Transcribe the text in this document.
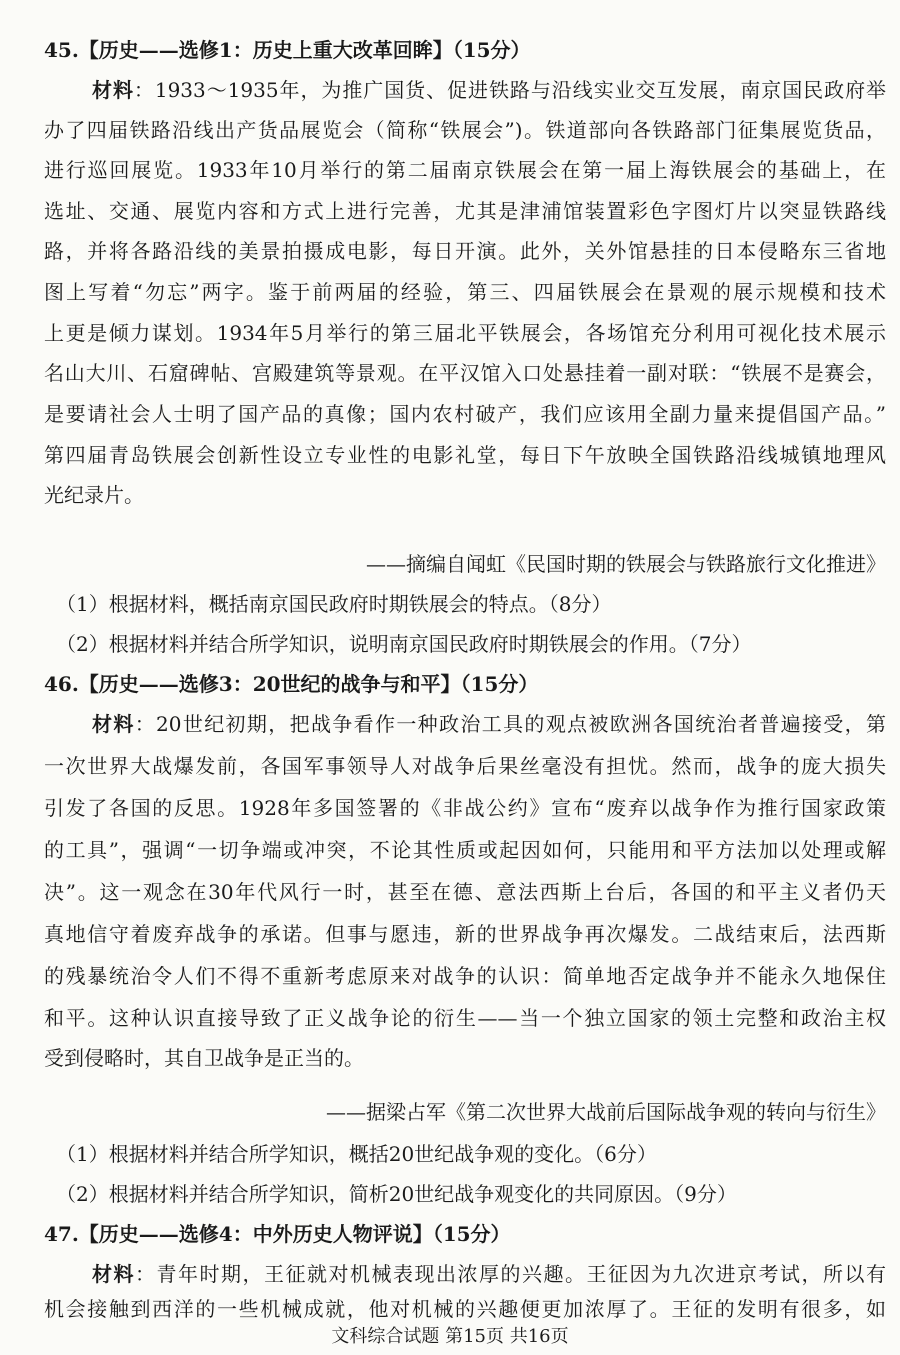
45.【历史——选修1：历史上重大改革回眸】（15分）
材料：1933～1935年，为推广国货、促进铁路与沿线实业交互发展，南京国民政府举
办了四届铁路沿线出产货品展览会（简称“铁展会”)。铁道部向各铁路部门征集展览货品，
进行巡回展览。1933年10月举行的第二届南京铁展会在第一届上海铁展会的基础上，在
选址、交通、展览内容和方式上进行完善，尤其是津浦馆装置彩色字图灯片以突显铁路线
路，并将各路沿线的美景拍摄成电影，每日开演。此外，关外馆悬挂的日本侵略东三省地
图上写着“勿忘”两字。鉴于前两届的经验，第三、四届铁展会在景观的展示规模和技术
上更是倾力谋划。1934年5月举行的第三届北平铁展会，各场馆充分利用可视化技术展示
名山大川、石窟碑帖、宫殿建筑等景观。在平汉馆入口处悬挂着一副对联：“铁展不是赛会，
是要请社会人士明了国产品的真像；国内农村破产，我们应该用全副力量来提倡国产品。”
第四届青岛铁展会创新性设立专业性的电影礼堂，每日下午放映全国铁路沿线城镇地理风
光纪录片。
——摘编自闻虹《民国时期的铁展会与铁路旅行文化推进》
（1）根据材料，概括南京国民政府时期铁展会的特点。（8分）
（2）根据材料并结合所学知识，说明南京国民政府时期铁展会的作用。（7分）
46.【历史——选修3：20世纪的战争与和平】（15分）
材料：20世纪初期，把战争看作一种政治工具的观点被欧洲各国统治者普遍接受，第
一次世界大战爆发前，各国军事领导人对战争后果丝毫没有担忧。然而，战争的庞大损失
引发了各国的反思。1928年多国签署的《非战公约》宣布“废弃以战争作为推行国家政策
的工具”，强调“一切争端或冲突，不论其性质或起因如何，只能用和平方法加以处理或解
决”。这一观念在30年代风行一时，甚至在德、意法西斯上台后，各国的和平主义者仍天
真地信守着废弃战争的承诺。但事与愿违，新的世界战争再次爆发。二战结束后，法西斯
的残暴统治令人们不得不重新考虑原来对战争的认识：简单地否定战争并不能永久地保住
和平。这种认识直接导致了正义战争论的衍生——当一个独立国家的领土完整和政治主权
受到侵略时，其自卫战争是正当的。
——据梁占军《第二次世界大战前后国际战争观的转向与衍生》
（1）根据材料并结合所学知识，概括20世纪战争观的变化。（6分）
（2）根据材料并结合所学知识，简析20世纪战争观变化的共同原因。（9分）
47.【历史——选修4：中外历史人物评说】（15分）
材料：青年时期，王征就对机械表现出浓厚的兴趣。王征因为九次进京考试，所以有
机会接触到西洋的一些机械成就，他对机械的兴趣便更加浓厚了。王征的发明有很多，如
文科综合试题 第15页 共16页
